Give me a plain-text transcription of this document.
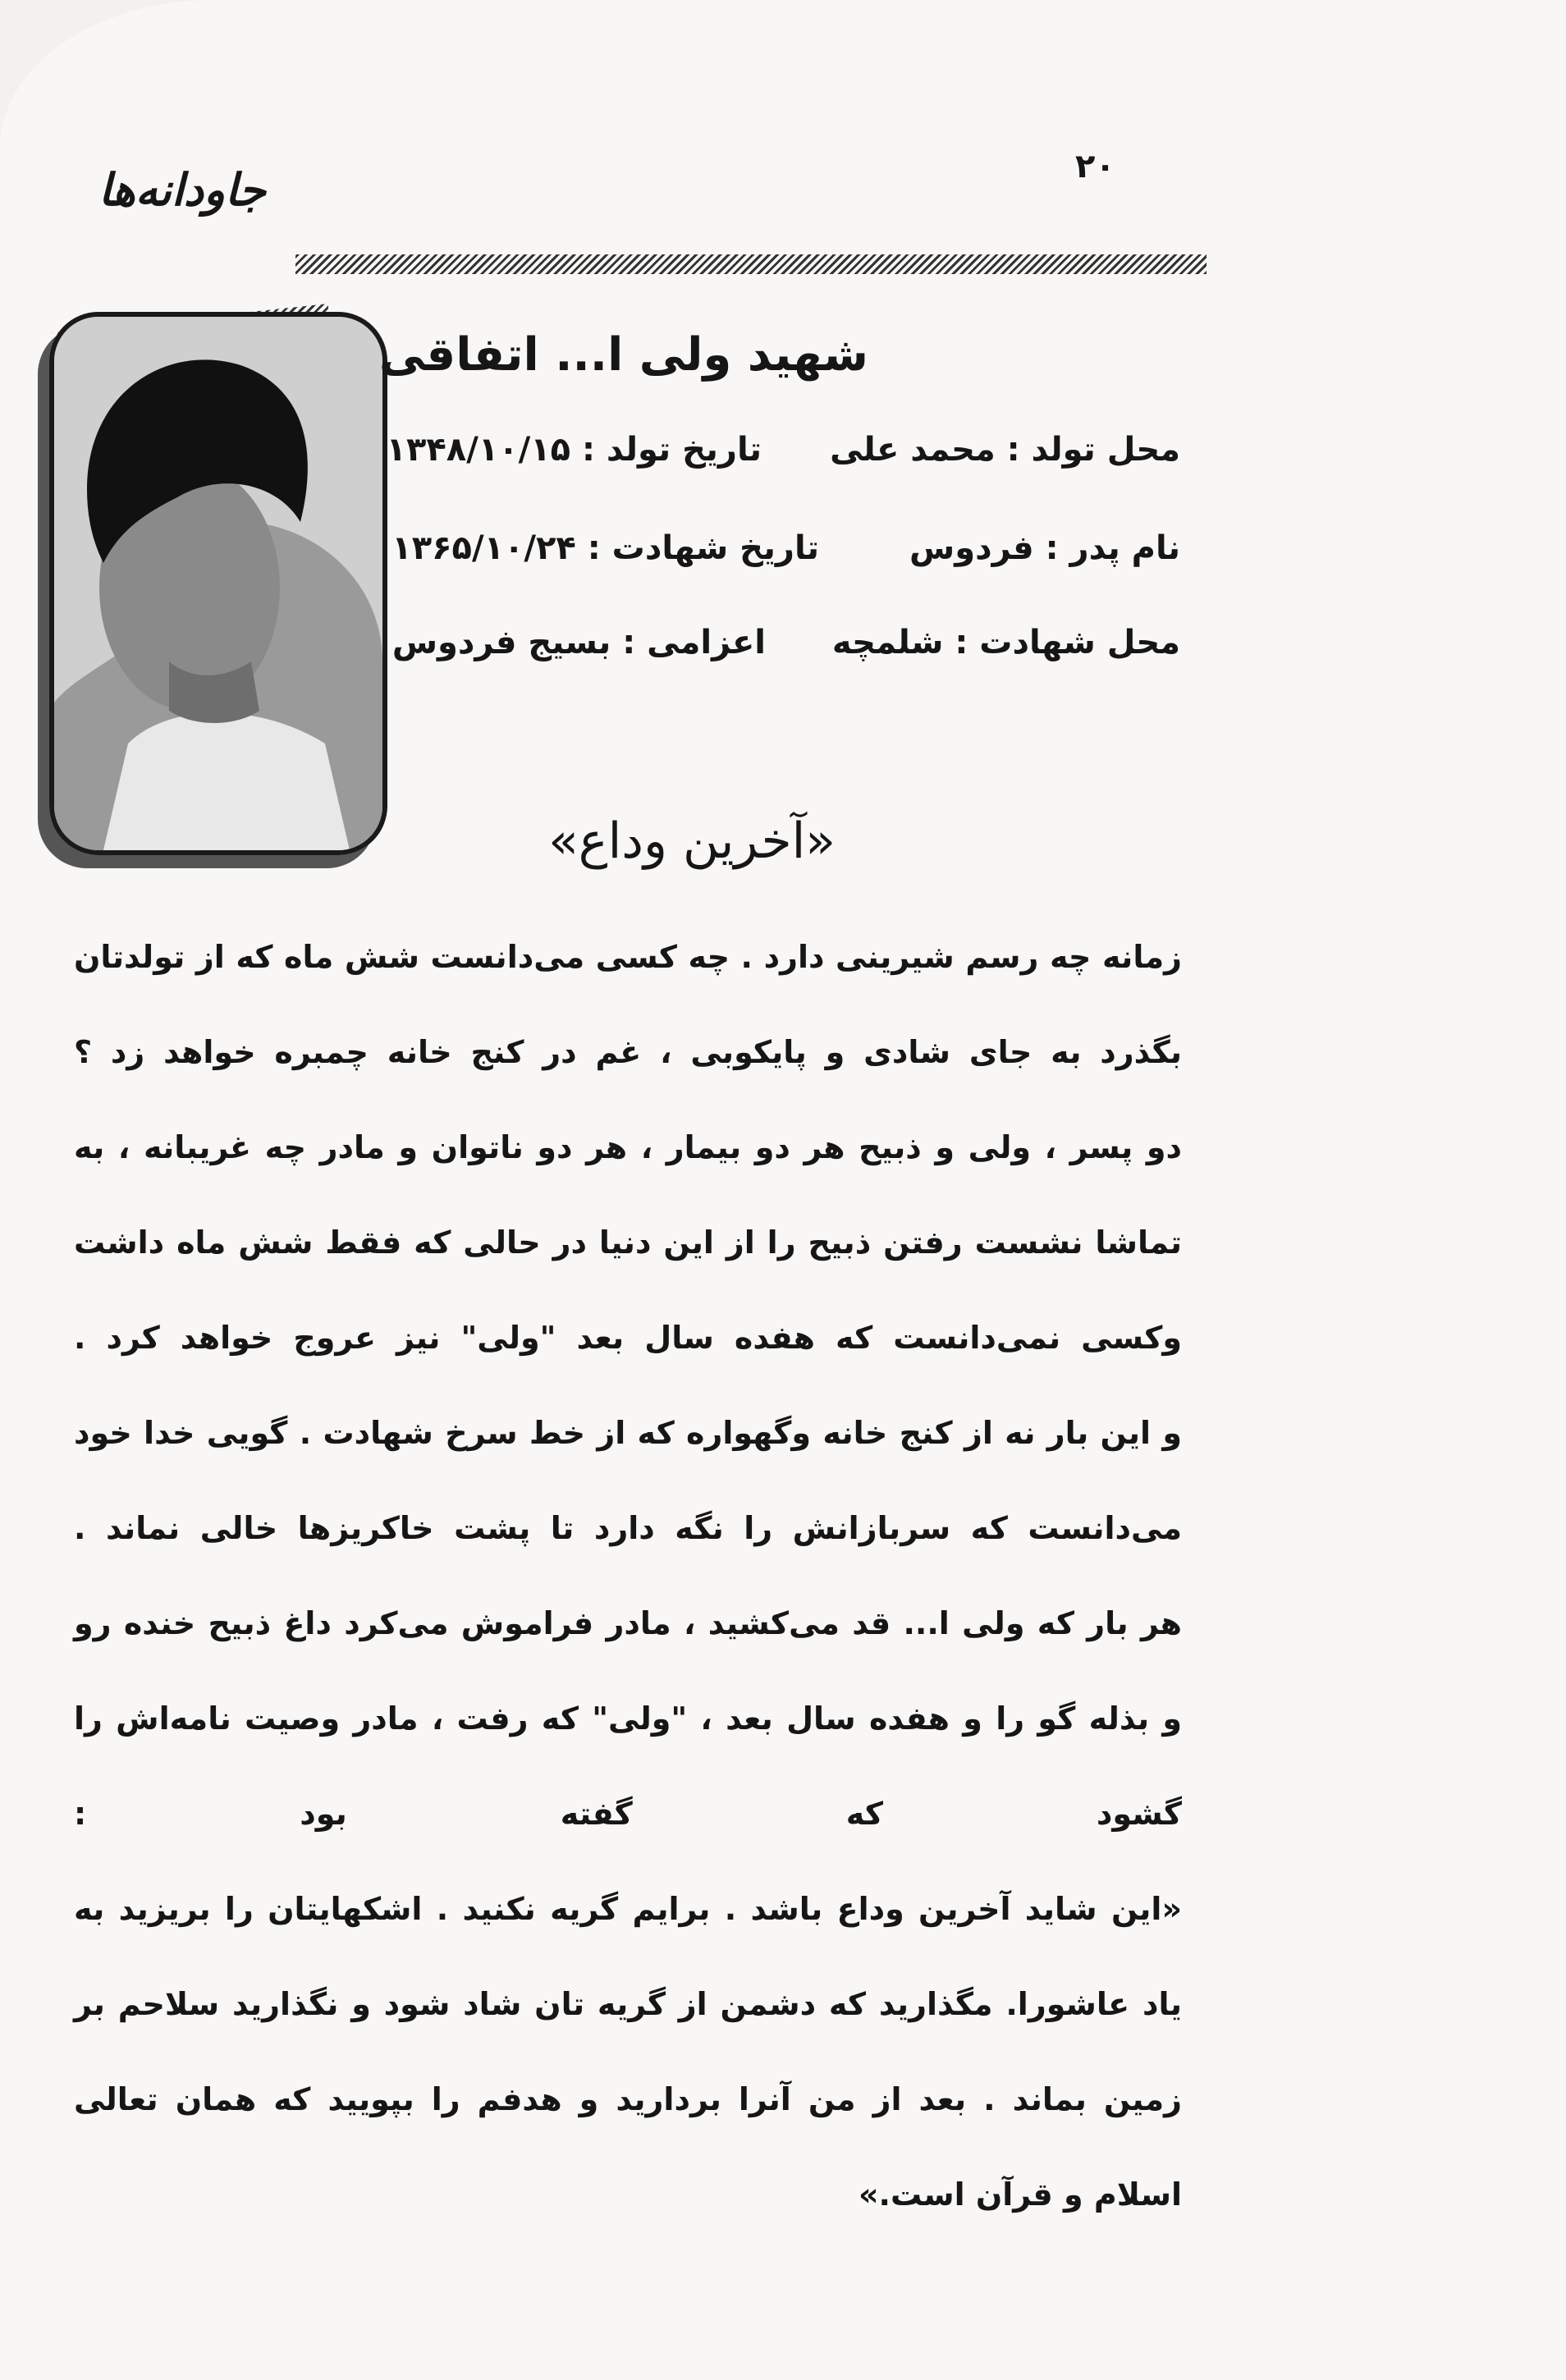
۲۰
جاودانه‌ها
شهید ولی ا... اتفاقی
محل تولد : محمد علی
تاریخ تولد : ۱۳۴۸/۱۰/۱۵
نام پدر : فردوس
تاریخ شهادت : ۱۳۶۵/۱۰/۲۴
محل شهادت : شلمچه
اعزامی : بسیج فردوس
«آخرین وداع»

زمانه چه رسم شیرینی دارد . چه کسی می‌دانست شش ماه که از تولدتان بگذرد به جای شادی و پایکوبی ، غم در کنج خانه چمبره خواهد زد ؟

دو پسر ، ولی و ذبیح هر دو بیمار ، هر دو ناتوان و مادر چه غریبانه ، به تماشا نشست رفتن ذبیح را از این دنیا در حالی که فقط شش ماه داشت وکسی نمی‌دانست که هفده سال بعد "ولی" نیز عروج خواهد کرد .

و این بار نه از کنج خانه وگهواره که از خط سرخ شهادت . گویی خدا خود می‌دانست که سربازانش را نگه دارد تا پشت خاکریزها خالی نماند .

هر بار که ولی ا... قد می‌کشید ، مادر فراموش می‌کرد داغ ذبیح خنده رو و بذله گو را و هفده سال بعد ، "ولی" که رفت ، مادر وصیت نامه‌اش را گشود که گفته بود :

«این شاید آخرین وداع باشد . برایم گریه نکنید . اشکهایتان را بریزید به یاد عاشورا. مگذارید که دشمن از گریه تان شاد شود و نگذارید سلاحم بر زمین بماند . بعد از من آنرا بردارید و هدفم را بپویید که همان تعالی اسلام و قرآن است.»
